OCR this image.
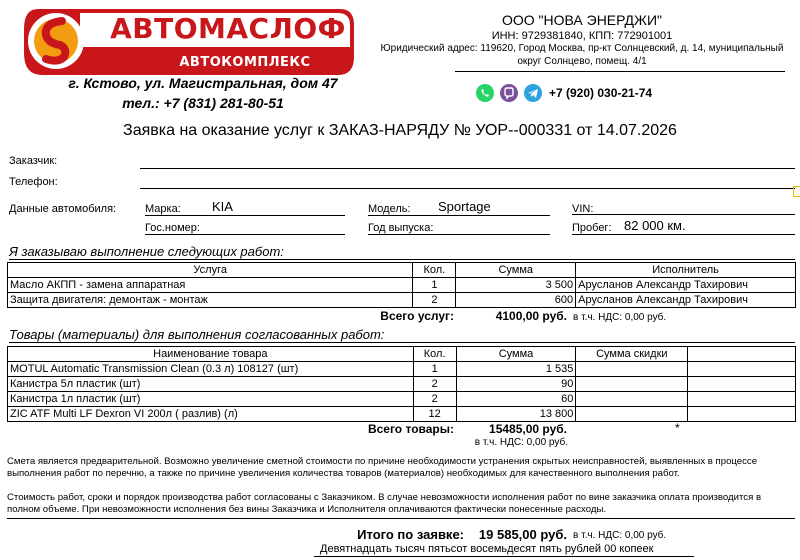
АВТОМАСЛОФ
АВТОКОМПЛЕКС
г. Кстово, ул. Магистральная, дом 47
тел.: +7 (831) 281-80-51
ООО "НОВА ЭНЕРДЖИ"
ИНН: 9729381840, КПП: 772901001
Юридический адрес: 119620, Город Москва, пр-кт Солнцевский, д. 14, муниципальный
округ Солнцево, помещ. 4/1
+7 (920) 030-21-74
Заявка на оказание услуг к ЗАКАЗ-НАРЯДУ № УОР--000331 от 14.07.2026
Заказчик:
Телефон:
Данные автомобиля:	Марка: KIA	Модель: Sportage	VIN:
Гос.номер:	Год выпуска:	Пробег: 82 000 км.
Я заказываю выполнение следующих работ:
Услуга	Кол.	Сумма	Исполнитель
Масло АКПП - замена аппаратная	1	3 500	Арусланов Александр Тахирович
Защита двигателя: демонтаж - монтаж	2	600	Арусланов Александр Тахирович
Всего услуг:	4100,00 руб. в т.ч. НДС: 0,00 руб.
Товары (материалы) для выполнения согласованных работ:
Наименование товара	Кол.	Сумма	Сумма скидки	
MOTUL Automatic Transmission Clean (0.3 л) 108127 (шт)	1	1 535		
Канистра 5л пластик (шт)	2	90		
Канистра 1л пластик (шт)	2	60		
ZIC ATF Multi LF Dexron VI 200л ( разлив) (л)	12	13 800		
Всего товары:	15485,00 руб.	*
в т.ч. НДС: 0,00 руб.
Смета является предварительной. Возможно увеличение сметной стоимости по причине необходимости устранения скрытых неисправностей, выявленных в процессе выполнения работ по перечню, а также по причине увеличения количества товаров (материалов) необходимых для качественного выполнения работ.
Стоимость работ, сроки и порядок производства работ согласованы с Заказчиком. В случае невозможности исполнения работ по вине заказчика оплата производится в полном объеме. При невозможности исполнения без вины Заказчика и Исполнителя оплачиваются фактически понесенные расходы.
Итого по заявке:	19 585,00 руб. в т.ч. НДС: 0,00 руб.
Девятнадцать тысяч пятьсот восемьдесят пять рублей 00 копеек
